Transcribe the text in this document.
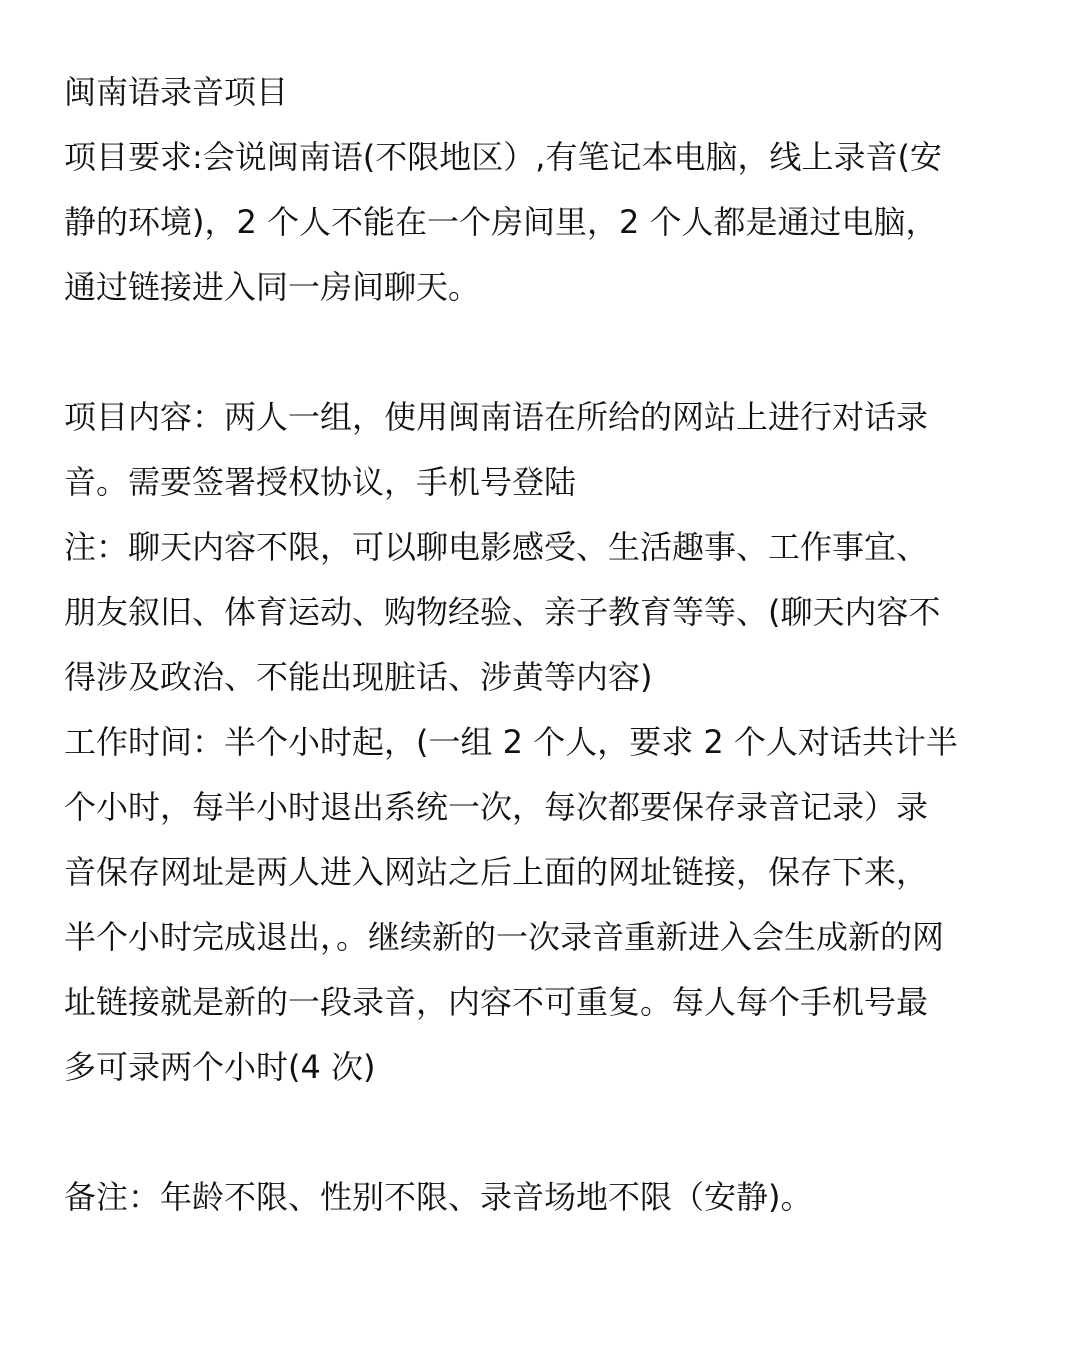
闽南语录音项目
项目要求:会说闽南语(不限地区）,有笔记本电脑，线上录音(安
静的环境)，2 个人不能在一个房间里，2 个人都是通过电脑，
通过链接进入同一房间聊天。
项目内容：两人一组，使用闽南语在所给的网站上进行对话录
音。需要签署授权协议，手机号登陆
注：聊天内容不限，可以聊电影感受、生活趣事、工作事宜、
朋友叙旧、体育运动、购物经验、亲子教育等等、(聊天内容不
得涉及政治、不能出现脏话、涉黄等内容)
工作时间：半个小时起，(一组 2 个人，要求 2 个人对话共计半
个小时，每半小时退出系统一次，每次都要保存录音记录）录
音保存网址是两人进入网站之后上面的网址链接，保存下来，
半个小时完成退出，。继续新的一次录音重新进入会生成新的网
址链接就是新的一段录音，内容不可重复。每人每个手机号最
多可录两个小时(4 次)
备注：年龄不限、性别不限、录音场地不限（安静)。
